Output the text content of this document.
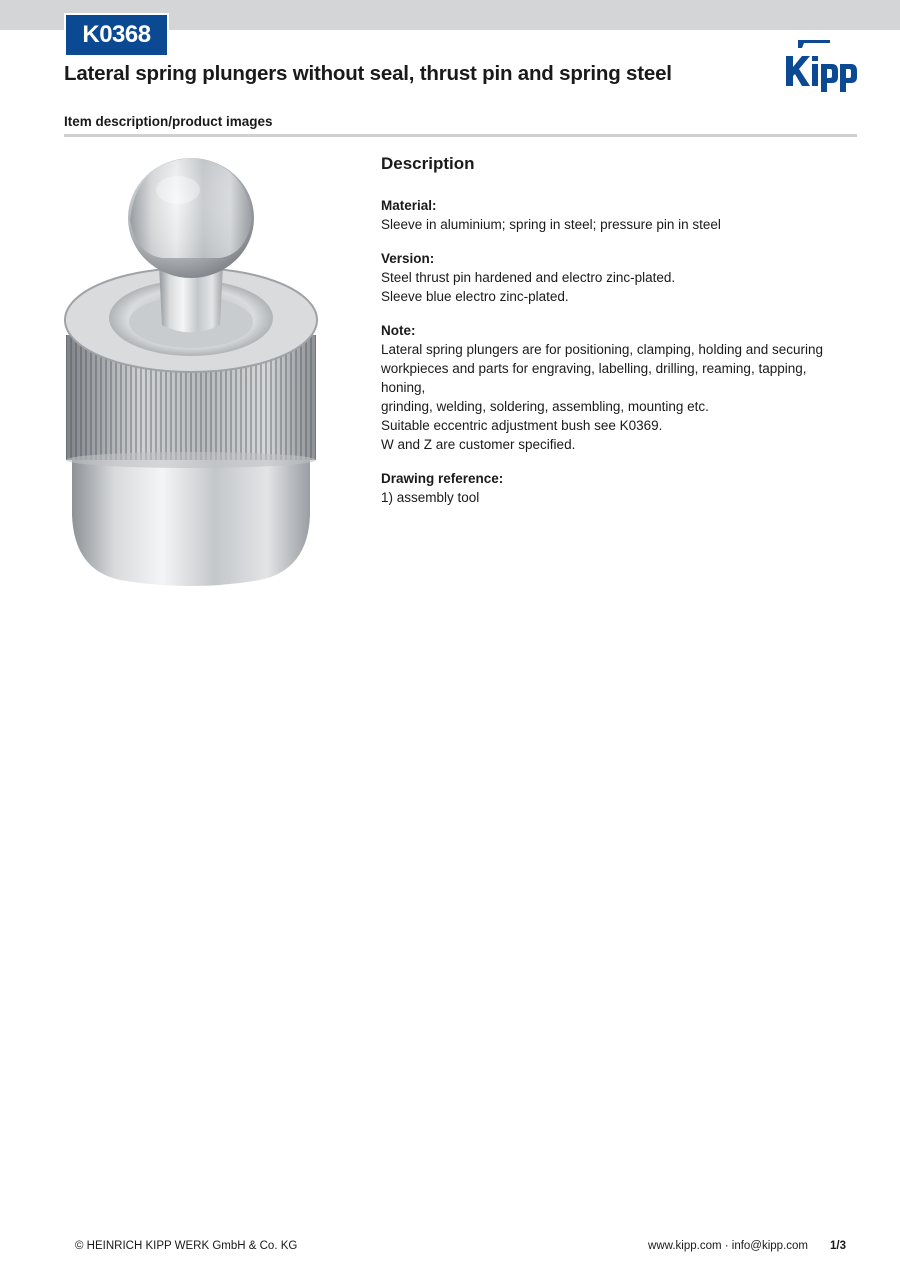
K0368
Lateral spring plungers without seal, thrust pin and spring steel
Item description/product images
Description
Material:
Sleeve in aluminium; spring in steel; pressure pin in steel
Version:
Steel thrust pin hardened and electro zinc-plated.
Sleeve blue electro zinc-plated.
Note:
Lateral spring plungers are for positioning, clamping, holding and securing
workpieces and parts for engraving, labelling, drilling, reaming, tapping, honing,
grinding, welding, soldering, assembling, mounting etc.
Suitable eccentric adjustment bush see K0369.
W and Z are customer specified.
Drawing reference:
1) assembly tool
© HEINRICH KIPP WERK GmbH & Co. KG	www.kipp.com · info@kipp.com 1/3
